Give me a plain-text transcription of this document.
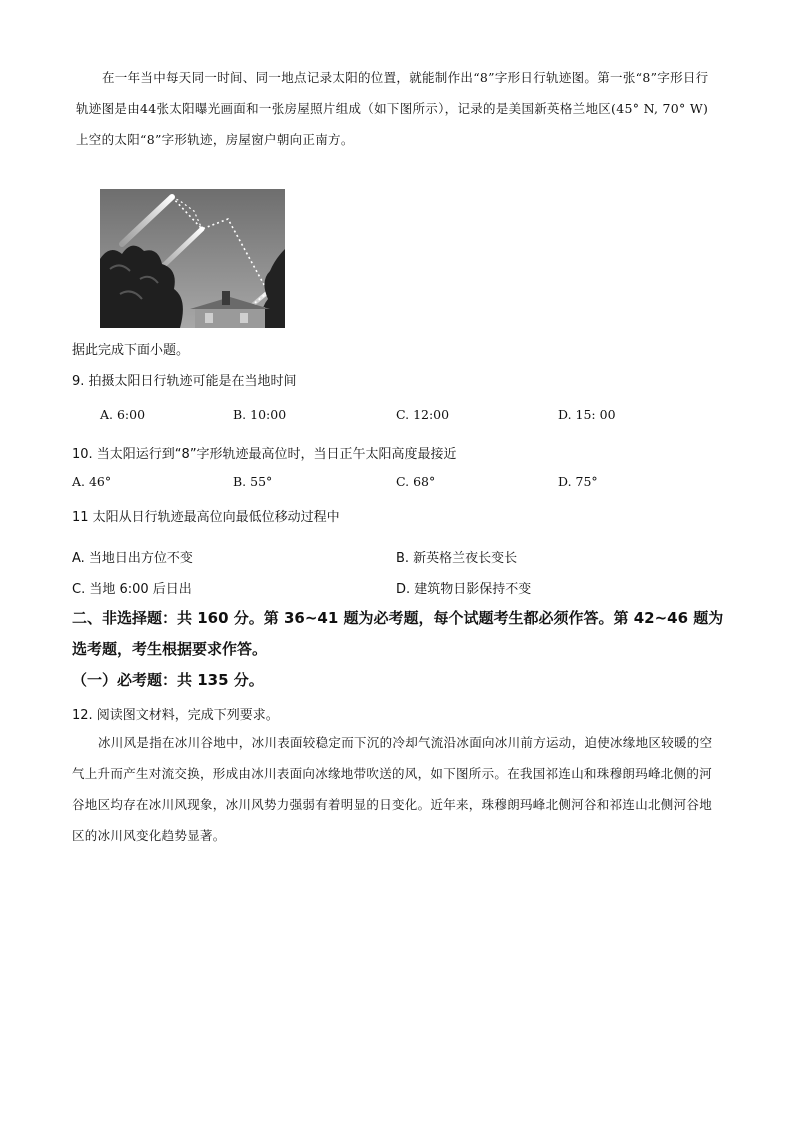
在一年当中每天同一时间、同一地点记录太阳的位置，就能制作出“8”字形日行轨迹图。第一张“8”字形日行轨迹图是由44张太阳曝光画面和一张房屋照片组成（如下图所示），记录的是美国新英格兰地区(45° N, 70° W)上空的太阳“8”字形轨迹，房屋窗户朝向正南方。
据此完成下面小题。
9. 拍摄太阳日行轨迹可能是在当地时间
A. 6:00	B. 10:00	C. 12:00	D. 15: 00
10. 当太阳运行到“8”字形轨迹最高位时，当日正午太阳高度最接近
A. 46°	B. 55°	C. 68°	D. 75°
11 太阳从日行轨迹最高位向最低位移动过程中
A. 当地日出方位不变	B. 新英格兰夜长变长
C. 当地 6:00 后日出	D. 建筑物日影保持不变
二、非选择题：共 160 分。第 36~41 题为必考题，每个试题考生都必须作答。第 42~46 题为
选考题，考生根据要求作答。
（一）必考题：共 135 分。
12. 阅读图文材料，完成下列要求。
冰川风是指在冰川谷地中，冰川表面较稳定而下沉的冷却气流沿冰面向冰川前方运动，迫使冰缘地区较暖的空气上升而产生对流交换，形成由冰川表面向冰缘地带吹送的风，如下图所示。在我国祁连山和珠穆朗玛峰北侧的河谷地区均存在冰川风现象，冰川风势力强弱有着明显的日变化。近年来，珠穆朗玛峰北侧河谷和祁连山北侧河谷地区的冰川风变化趋势显著。
